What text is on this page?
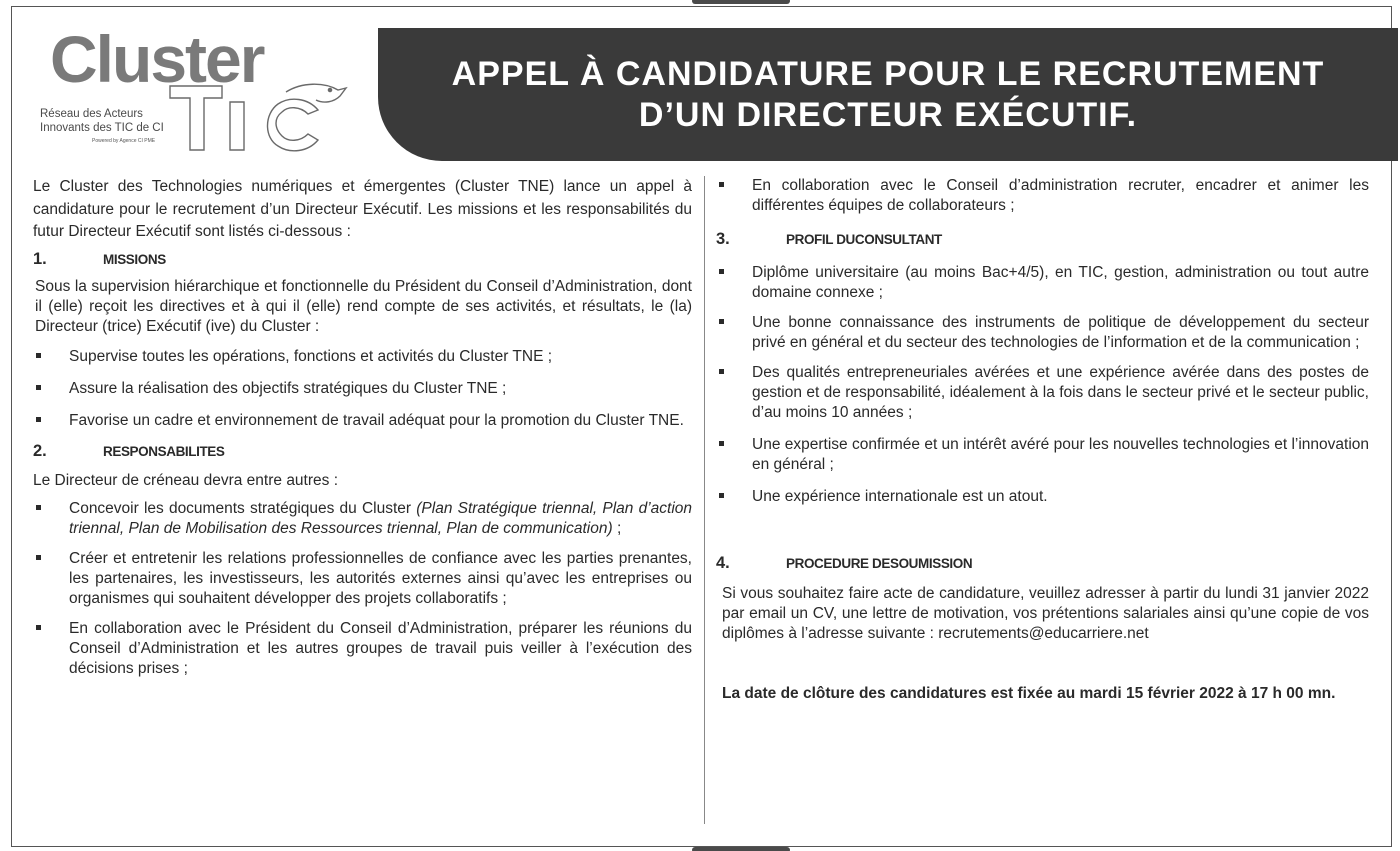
Cluster
Réseau des Acteurs
Innovants des TIC de CI
Powered by Agence CI PME
APPEL À CANDIDATURE POUR LE RECRUTEMENT
D’UN DIRECTEUR EXÉCUTIF.

Le Cluster des Technologies numériques et émergentes (Cluster TNE) lance un appel à candidature pour le recrutement d’un Directeur Exécutif. Les missions et les responsabilités du futur Directeur Exécutif sont listés ci-dessous :

1.	MISSIONS

Sous la supervision hiérarchique et fonctionnelle du Président du Conseil d’Administration, dont il (elle) reçoit les directives et à qui il (elle) rend compte de ses activités, et résultats, le (la) Directeur (trice) Exécutif (ive) du Cluster :

Supervise toutes les opérations, fonctions et activités du Cluster TNE ;
Assure la réalisation des objectifs stratégiques du Cluster TNE ;
Favorise un cadre et environnement de travail adéquat pour la promotion du Cluster TNE.
2.	RESPONSABILITES

Le Directeur de créneau devra entre autres :

Concevoir les documents stratégiques du Cluster (Plan Stratégique triennal, Plan d’action triennal, Plan de Mobilisation des Ressources triennal, Plan de communication) ;
Créer et entretenir les relations professionnelles de confiance avec les parties prenantes, les partenaires, les investisseurs, les autorités externes ainsi qu’avec les entreprises ou organismes qui souhaitent développer des projets collaboratifs ;
En collaboration avec le Président du Conseil d’Administration, préparer les réunions du Conseil d’Administration et les autres groupes de travail puis veiller à l’exécution des décisions prises ;
En collaboration avec le Conseil d’administration recruter, encadrer et animer les différentes équipes de collaborateurs ;
3.	PROFIL DUCONSULTANT
Diplôme universitaire (au moins Bac+4/5), en TIC, gestion, administration ou tout autre domaine connexe ;
Une bonne connaissance des instruments de politique de développement du secteur privé en général et du secteur des technologies de l’information et de la communication ;
Des qualités entrepreneuriales avérées et une expérience avérée dans des postes de gestion et de responsabilité, idéalement à la fois dans le secteur privé et le secteur public, d’au moins 10 années ;
Une expertise confirmée et un intérêt avéré pour les nouvelles technologies et l’innovation en général ;
Une expérience internationale est un atout.
4.	PROCEDURE DESOUMISSION

Si vous souhaitez faire acte de candidature, veuillez adresser à partir du lundi 31 janvier 2022 par email un CV, une lettre de motivation, vos prétentions salariales ainsi qu’une copie de vos diplômes à l’adresse suivante : recrutements@educarriere.net

La date de clôture des candidatures est fixée au mardi 15 février 2022 à 17 h 00 mn.
